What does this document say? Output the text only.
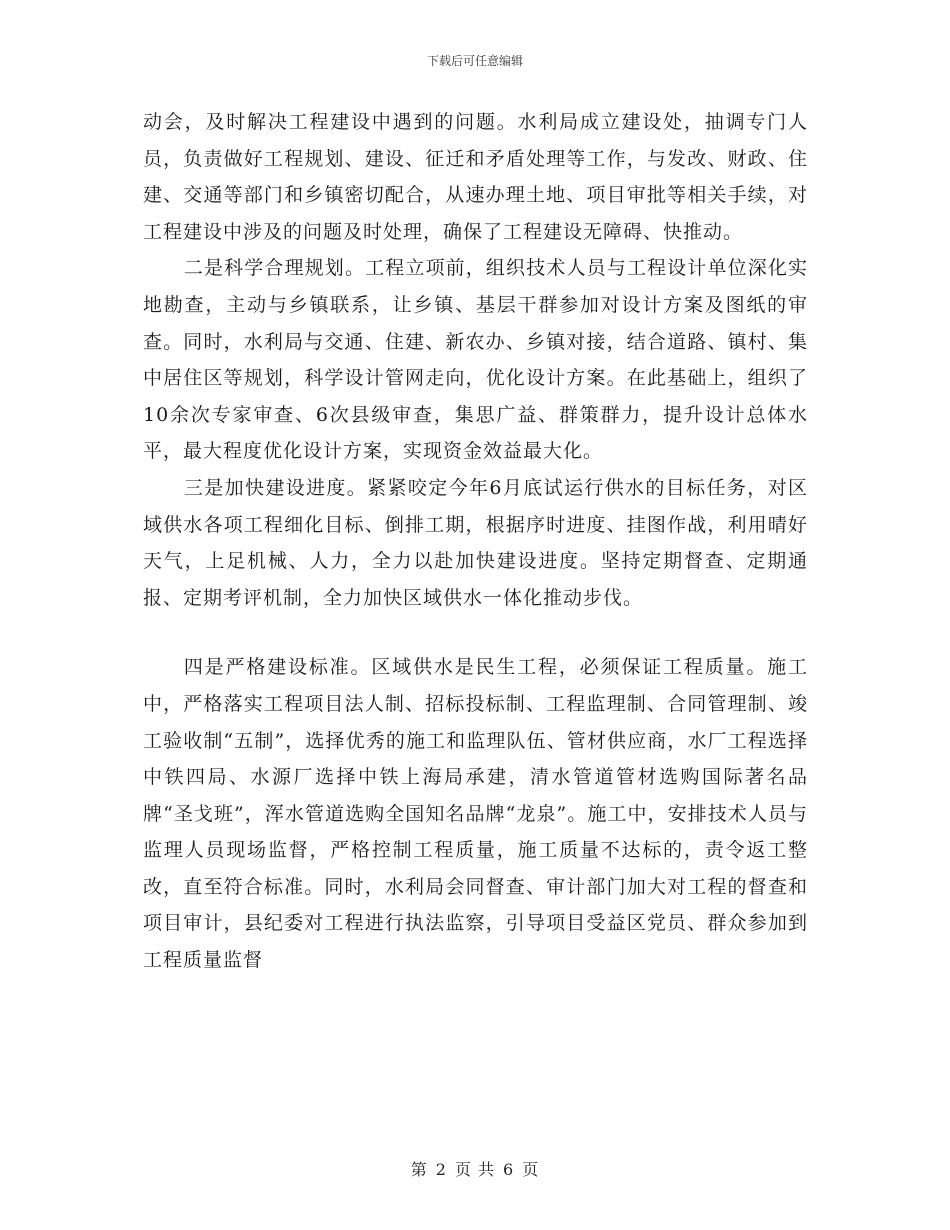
下载后可任意编辑

动会，及时解决工程建设中遇到的问题。水利局成立建设处，抽调专门人员，负责做好工程规划、建设、征迁和矛盾处理等工作，与发改、财政、住建、交通等部门和乡镇密切配合，从速办理土地、项目审批等相关手续，对工程建设中涉及的问题及时处理，确保了工程建设无障碍、快推动。

二是科学合理规划。工程立项前，组织技术人员与工程设计单位深化实地勘查，主动与乡镇联系，让乡镇、基层干群参加对设计方案及图纸的审查。同时，水利局与交通、住建、新农办、乡镇对接，结合道路、镇村、集中居住区等规划，科学设计管网走向，优化设计方案。在此基础上，组织了10余次专家审查、6次县级审查，集思广益、群策群力，提升设计总体水平，最大程度优化设计方案，实现资金效益最大化。

三是加快建设进度。紧紧咬定今年6月底试运行供水的目标任务，对区域供水各项工程细化目标、倒排工期，根据序时进度、挂图作战，利用晴好天气，上足机械、人力，全力以赴加快建设进度。坚持定期督查、定期通报、定期考评机制，全力加快区域供水一体化推动步伐。

四是严格建设标准。区域供水是民生工程，必须保证工程质量。施工中，严格落实工程项目法人制、招标投标制、工程监理制、合同管理制、竣工验收制“五制”，选择优秀的施工和监理队伍、管材供应商，水厂工程选择中铁四局、水源厂选择中铁上海局承建，清水管道管材选购国际著名品牌“圣戈班”，浑水管道选购全国知名品牌“龙泉”。施工中，安排技术人员与监理人员现场监督，严格控制工程质量，施工质量不达标的，责令返工整改，直至符合标准。同时，水利局会同督查、审计部门加大对工程的督查和项目审计，县纪委对工程进行执法监察，引导项目受益区党员、群众参加到工程质量监督

第 2 页 共 6 页
